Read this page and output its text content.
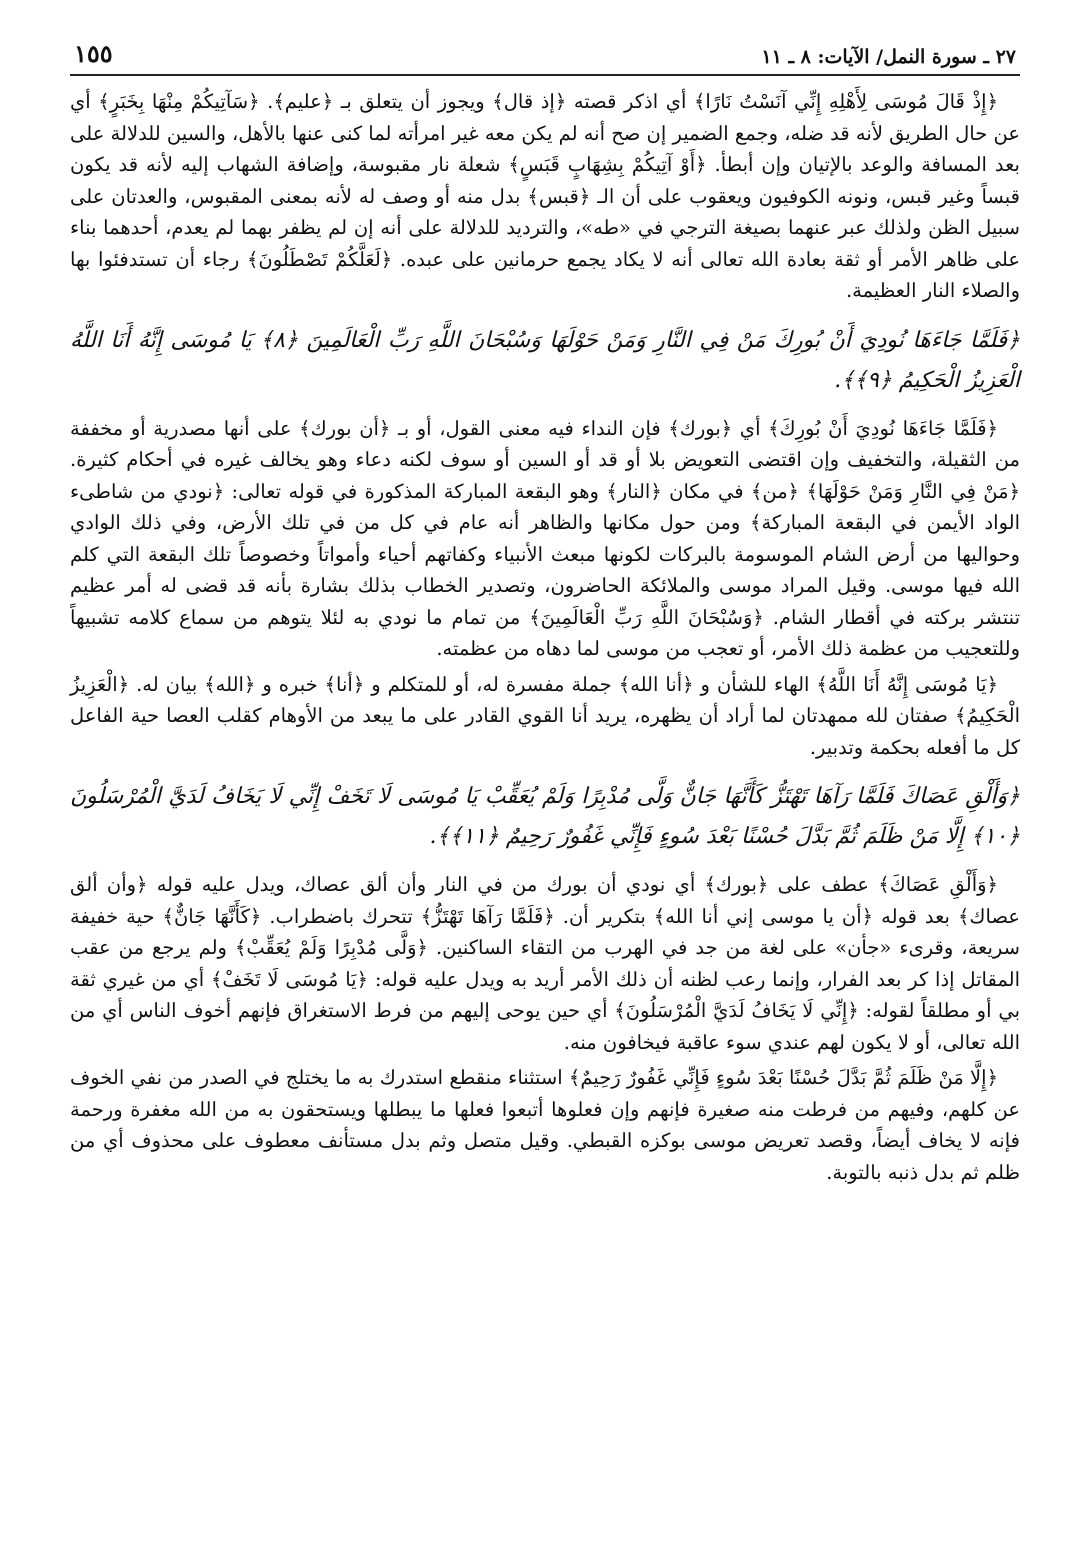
٢٧ ـ سورة النمل/ الآيات: ٨ ـ ١١
١٥٥

﴿إِذْ قَالَ مُوسَى لِأَهْلِهِ إِنِّي آنَسْتُ نَارًا﴾ أي اذكر قصته ﴿إذ قال﴾ ويجوز أن يتعلق بـ ﴿عليم﴾. ﴿سَآتِيكُمْ مِنْهَا بِخَبَرٍ﴾ أي عن حال الطريق لأنه قد ضله، وجمع الضمير إن صح أنه لم يكن معه غير امرأته لما كنى عنها بالأهل، والسين للدلالة على بعد المسافة والوعد بالإتيان وإن أبطأ. ﴿أَوْ آتِيكُمْ بِشِهَابٍ قَبَسٍ﴾ شعلة نار مقبوسة، وإضافة الشهاب إليه لأنه قد يكون قبساً وغير قبس، ونونه الكوفيون ويعقوب على أن الـ ﴿قبس﴾ بدل منه أو وصف له لأنه بمعنى المقبوس، والعدتان على سبيل الظن ولذلك عبر عنهما بصيغة الترجي في «طه»، والترديد للدلالة على أنه إن لم يظفر بهما لم يعدم، أحدهما بناء على ظاهر الأمر أو ثقة بعادة الله تعالى أنه لا يكاد يجمع حرمانين على عبده. ﴿لَعَلَّكُمْ تَصْطَلُونَ﴾ رجاء أن تستدفئوا بها والصلاء النار العظيمة.

﴿فَلَمَّا جَاءَهَا نُودِيَ أَنْ بُورِكَ مَنْ فِي النَّارِ وَمَنْ حَوْلَهَا وَسُبْحَانَ اللَّهِ رَبِّ الْعَالَمِينَ ﴿٨﴾ يَا مُوسَى إِنَّهُ أَنَا اللَّهُ الْعَزِيزُ الْحَكِيمُ ﴿٩﴾﴾.

﴿فَلَمَّا جَاءَهَا نُودِيَ أَنْ بُورِكَ﴾ أي ﴿بورك﴾ فإن النداء فيه معنى القول، أو بـ ﴿أن بورك﴾ على أنها مصدرية أو مخففة من الثقيلة، والتخفيف وإن اقتضى التعويض بلا أو قد أو السين أو سوف لكنه دعاء وهو يخالف غيره في أحكام كثيرة. ﴿مَنْ فِي النَّارِ وَمَنْ حَوْلَهَا﴾ ﴿من﴾ في مكان ﴿النار﴾ وهو البقعة المباركة المذكورة في قوله تعالى: ﴿نودي من شاطىء الواد الأيمن في البقعة المباركة﴾ ومن حول مكانها والظاهر أنه عام في كل من في تلك الأرض، وفي ذلك الوادي وحواليها من أرض الشام الموسومة بالبركات لكونها مبعث الأنبياء وكفاتهم أحياء وأمواتاً وخصوصاً تلك البقعة التي كلم الله فيها موسى. وقيل المراد موسى والملائكة الحاضرون، وتصدير الخطاب بذلك بشارة بأنه قد قضى له أمر عظيم تنتشر بركته في أقطار الشام. ﴿وَسُبْحَانَ اللَّهِ رَبِّ الْعَالَمِينَ﴾ من تمام ما نودي به لئلا يتوهم من سماع كلامه تشبيهاً وللتعجيب من عظمة ذلك الأمر، أو تعجب من موسى لما دهاه من عظمته.

﴿يَا مُوسَى إِنَّهُ أَنَا اللَّهُ﴾ الهاء للشأن و ﴿أنا الله﴾ جملة مفسرة له، أو للمتكلم و ﴿أنا﴾ خبره و ﴿الله﴾ بيان له. ﴿الْعَزِيزُ الْحَكِيمُ﴾ صفتان لله ممهدتان لما أراد أن يظهره، يريد أنا القوي القادر على ما يبعد من الأوهام كقلب العصا حية الفاعل كل ما أفعله بحكمة وتدبير.

﴿وَأَلْقِ عَصَاكَ فَلَمَّا رَآهَا تَهْتَزُّ كَأَنَّهَا جَانٌّ وَلَّى مُدْبِرًا وَلَمْ يُعَقِّبْ يَا مُوسَى لَا تَخَفْ إِنِّي لَا يَخَافُ لَدَيَّ الْمُرْسَلُونَ ﴿١٠﴾ إِلَّا مَنْ ظَلَمَ ثُمَّ بَدَّلَ حُسْنًا بَعْدَ سُوءٍ فَإِنِّي غَفُورٌ رَحِيمٌ ﴿١١﴾﴾.

﴿وَأَلْقِ عَصَاكَ﴾ عطف على ﴿بورك﴾ أي نودي أن بورك من في النار وأن ألق عصاك، ويدل عليه قوله ﴿وأن ألق عصاك﴾ بعد قوله ﴿أن يا موسى إني أنا الله﴾ بتكرير أن. ﴿فَلَمَّا رَآهَا تَهْتَزُّ﴾ تتحرك باضطراب. ﴿كَأَنَّهَا جَانٌّ﴾ حية خفيفة سريعة، وقرىء «جأن» على لغة من جد في الهرب من التقاء الساكنين. ﴿وَلَّى مُدْبِرًا وَلَمْ يُعَقِّبْ﴾ ولم يرجع من عقب المقاتل إذا كر بعد الفرار، وإنما رعب لظنه أن ذلك الأمر أريد به ويدل عليه قوله: ﴿يَا مُوسَى لَا تَخَفْ﴾ أي من غيري ثقة بي أو مطلقاً لقوله: ﴿إِنِّي لَا يَخَافُ لَدَيَّ الْمُرْسَلُونَ﴾ أي حين يوحى إليهم من فرط الاستغراق فإنهم أخوف الناس أي من الله تعالى، أو لا يكون لهم عندي سوء عاقبة فيخافون منه.

﴿إِلَّا مَنْ ظَلَمَ ثُمَّ بَدَّلَ حُسْنًا بَعْدَ سُوءٍ فَإِنِّي غَفُورٌ رَحِيمٌ﴾ استثناء منقطع استدرك به ما يختلج في الصدر من نفي الخوف عن كلهم، وفيهم من فرطت منه صغيرة فإنهم وإن فعلوها أتبعوا فعلها ما يبطلها ويستحقون به من الله مغفرة ورحمة فإنه لا يخاف أيضاً، وقصد تعريض موسى بوكزه القبطي. وقيل متصل وثم بدل مستأنف معطوف على محذوف أي من ظلم ثم بدل ذنبه بالتوبة.
